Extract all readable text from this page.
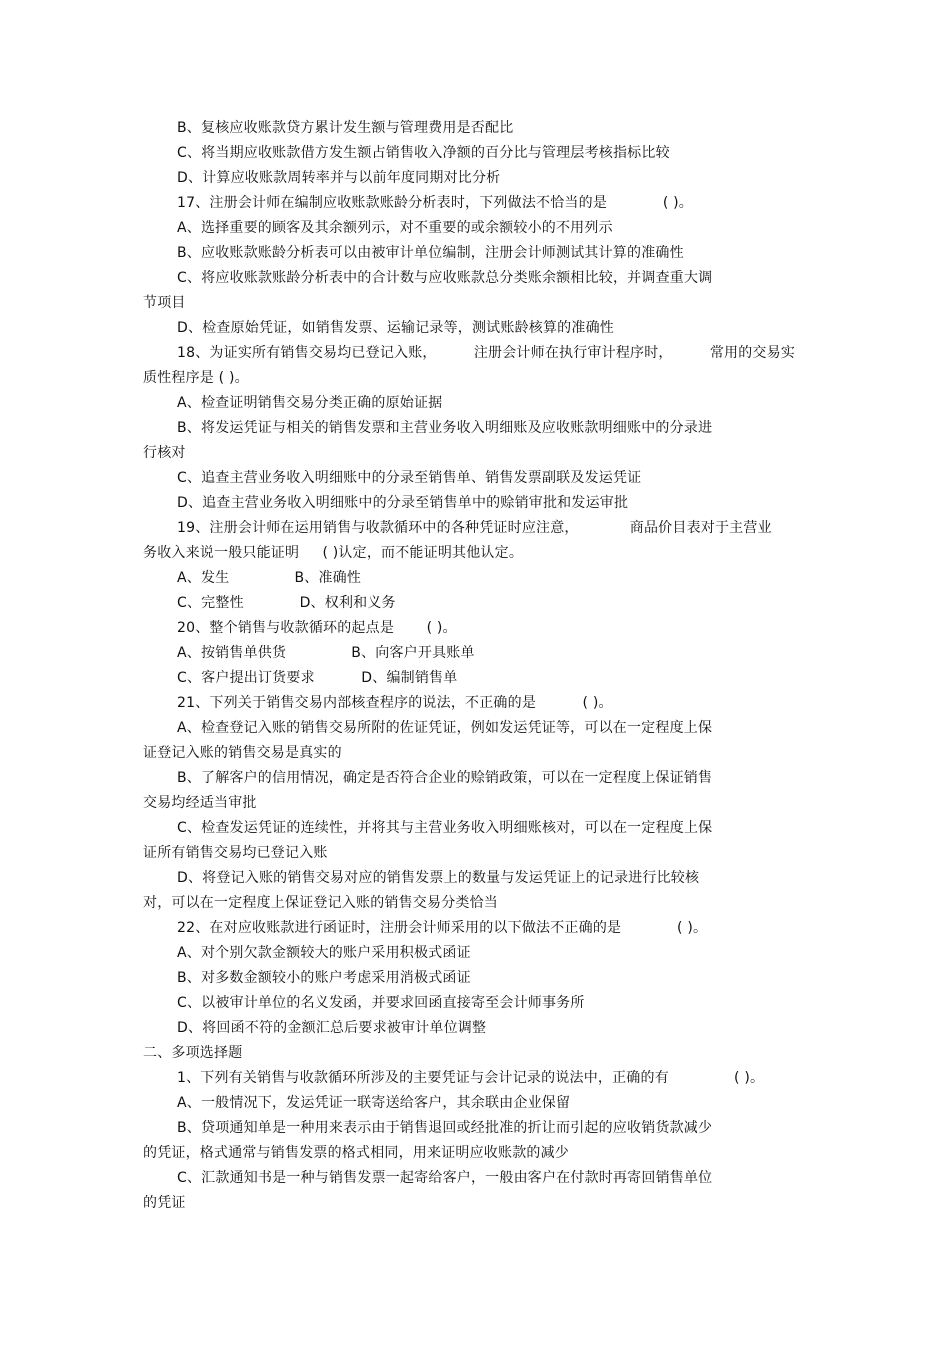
B、复核应收账款贷方累计发生额与管理费用是否配比
C、将当期应收账款借方发生额占销售收入净额的百分比与管理层考核指标比较
D、计算应收账款周转率并与以前年度同期对比分析
17、注册会计师在编制应收账款账龄分析表时，下列做法不恰当的是            ( )。
A、选择重要的顾客及其余额列示，对不重要的或余额较小的不用列示
B、应收账款账龄分析表可以由被审计单位编制，注册会计师测试其计算的准确性
C、将应收账款账龄分析表中的合计数与应收账款总分类账余额相比较，并调查重大调
节项目
D、检查原始凭证，如销售发票、运输记录等，测试账龄核算的准确性
18、为证实所有销售交易均已登记入账，        注册会计师在执行审计程序时，        常用的交易实
质性程序是 ( )。
A、检查证明销售交易分类正确的原始证据
B、将发运凭证与相关的销售发票和主营业务收入明细账及应收账款明细账中的分录进
行核对
C、追查主营业务收入明细账中的分录至销售单、销售发票副联及发运凭证
D、追查主营业务收入明细账中的分录至销售单中的赊销审批和发运审批
19、注册会计师在运用销售与收款循环中的各种凭证时应注意，           商品价目表对于主营业
务收入来说一般只能证明     ( )认定，而不能证明其他认定。
A、发生              B、准确性
C、完整性            D、权利和义务
20、整个销售与收款循环的起点是       ( )。
A、按销售单供货              B、向客户开具账单
C、客户提出订货要求          D、编制销售单
21、下列关于销售交易内部核查程序的说法，不正确的是          ( )。
A、检查登记入账的销售交易所附的佐证凭证，例如发运凭证等，可以在一定程度上保
证登记入账的销售交易是真实的
B、了解客户的信用情况，确定是否符合企业的赊销政策，可以在一定程度上保证销售
交易均经适当审批
C、检查发运凭证的连续性，并将其与主营业务收入明细账核对，可以在一定程度上保
证所有销售交易均已登记入账
D、将登记入账的销售交易对应的销售发票上的数量与发运凭证上的记录进行比较核
对，可以在一定程度上保证登记入账的销售交易分类恰当
22、在对应收账款进行函证时，注册会计师采用的以下做法不正确的是            ( )。
A、对个别欠款金额较大的账户采用积极式函证
B、对多数金额较小的账户考虑采用消极式函证
C、以被审计单位的名义发函，并要求回函直接寄至会计师事务所
D、将回函不符的金额汇总后要求被审计单位调整
二、多项选择题
1、下列有关销售与收款循环所涉及的主要凭证与会计记录的说法中，正确的有              ( )。
A、一般情况下，发运凭证一联寄送给客户，其余联由企业保留
B、贷项通知单是一种用来表示由于销售退回或经批准的折让而引起的应收销货款减少
的凭证，格式通常与销售发票的格式相同，用来证明应收账款的减少
C、汇款通知书是一种与销售发票一起寄给客户，一般由客户在付款时再寄回销售单位
的凭证
